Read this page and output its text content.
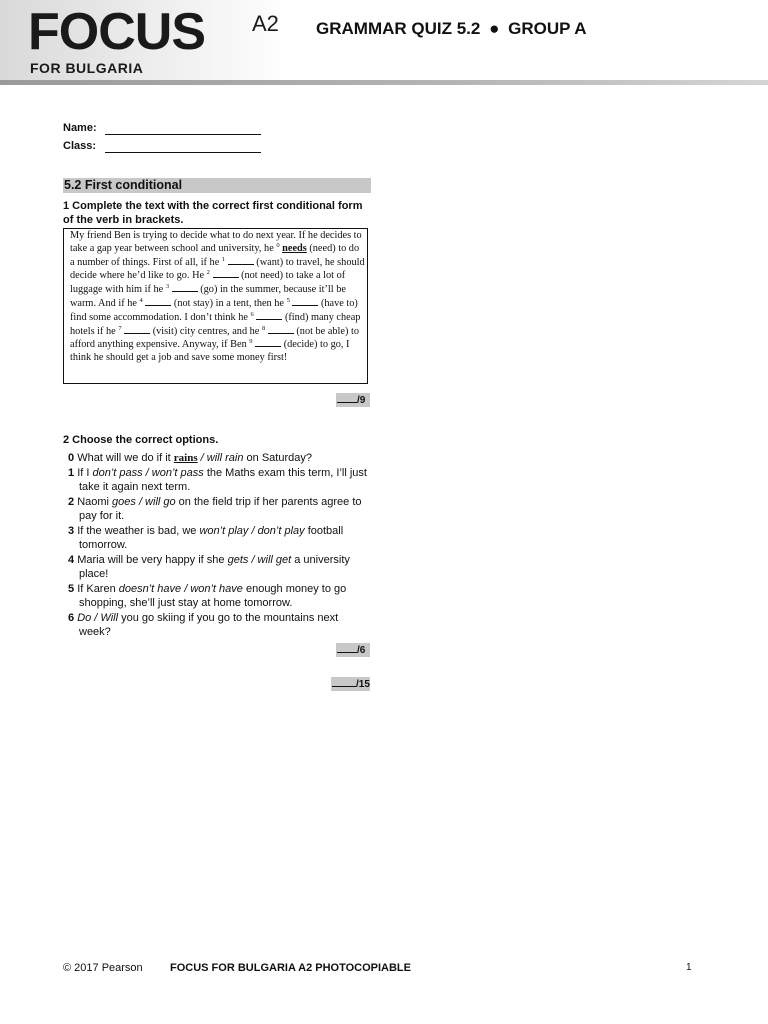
FOCUS A2
FOR BULGARIA
GRAMMAR QUIZ 5.2 ● GROUP A
Name:
Class:
5.2 First conditional
1 Complete the text with the correct first conditional form of the verb in brackets.
My friend Ben is trying to decide what to do next year. If he decides to take a gap year between school and university, he $^0$ needs (need) to do a number of things. First of all, if he $^1$	(want) to travel, he should decide where he’d like to go. He $^2$	(not need) to take a lot of luggage with him if he $^3$	(go) in the summer, because it’ll be warm. And if he $^4$	(not stay) in a tent, then he $^5$	(have to) find some accommodation. I don’t think he $^6$	(find) many cheap hotels if he $^7$	(visit) city centres, and he $^8$	(not be able) to afford anything expensive. Anyway, if Ben $^9$	(decide) to go, I think he should get a job and save some money first!
/9
2 Choose the correct options.
0 What will we do if it rains / will rain on Saturday?
1 If I don’t pass / won’t pass the Maths exam this term, I’ll just take it again next term.
2 Naomi goes / will go on the field trip if her parents agree to pay for it.
3 If the weather is bad, we won’t play / don’t play football tomorrow.
4 Maria will be very happy if she gets / will get a university place!
5 If Karen doesn’t have / won’t have enough money to go shopping, she’ll just stay at home tomorrow.
6 Do / Will you go skiing if you go to the mountains next week?
/6
/15
© 2017 Pearson FOCUS FOR BULGARIA A2 PHOTOCOPIABLE	1
